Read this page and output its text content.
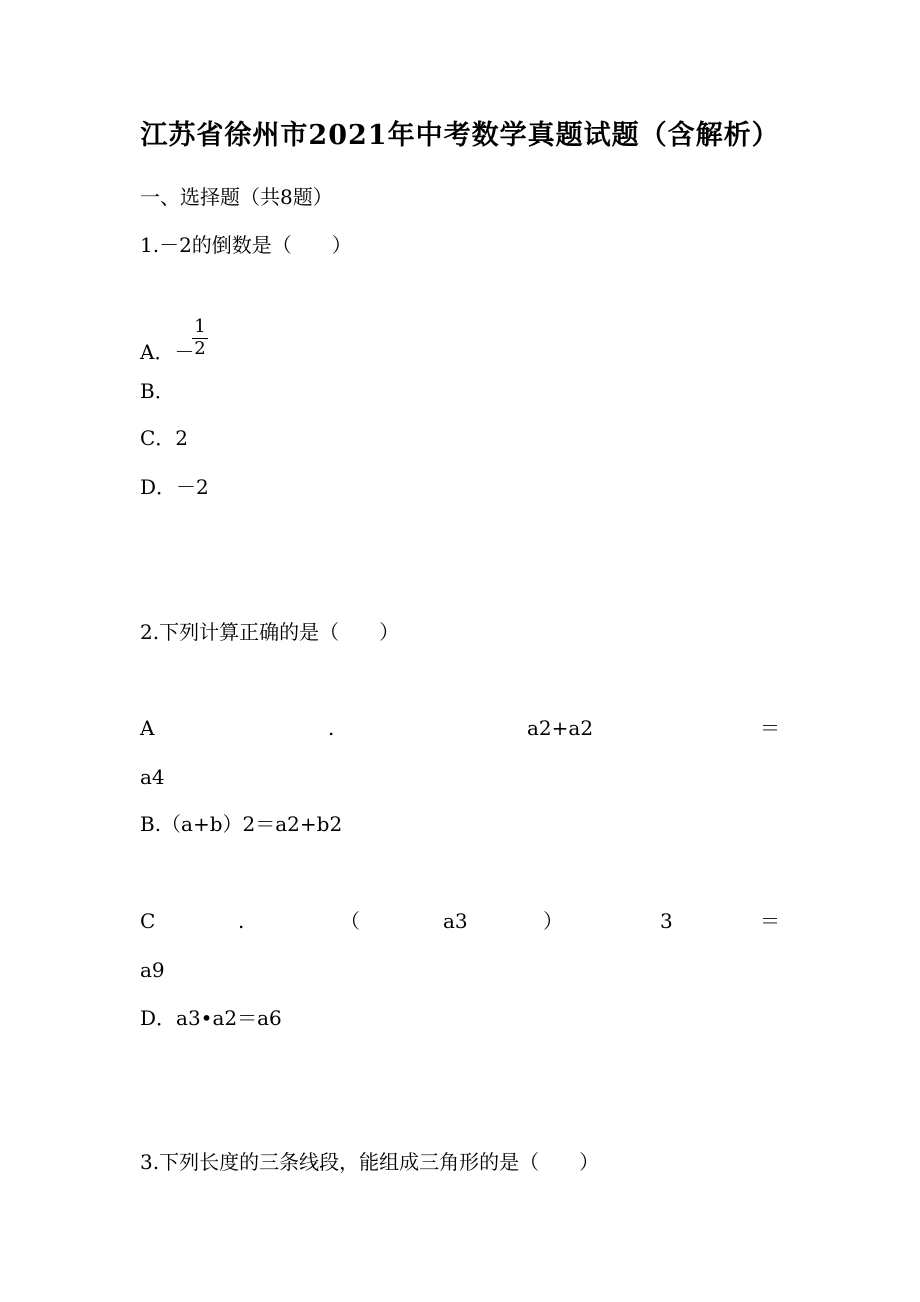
江苏省徐州市2021年中考数学真题试题（含解析）
一、选择题（共8题）
1.－2的倒数是（　　）
A．－
1
2
B．
C．2
D．－2
2.下列计算正确的是（　　）
A	.	a2+a2	＝
a4
B.（a+b）2＝a2+b2
C	.	（	a3	）	3	＝
a9
D．a3•a2＝a6
3.下列长度的三条线段，能组成三角形的是（　　）
